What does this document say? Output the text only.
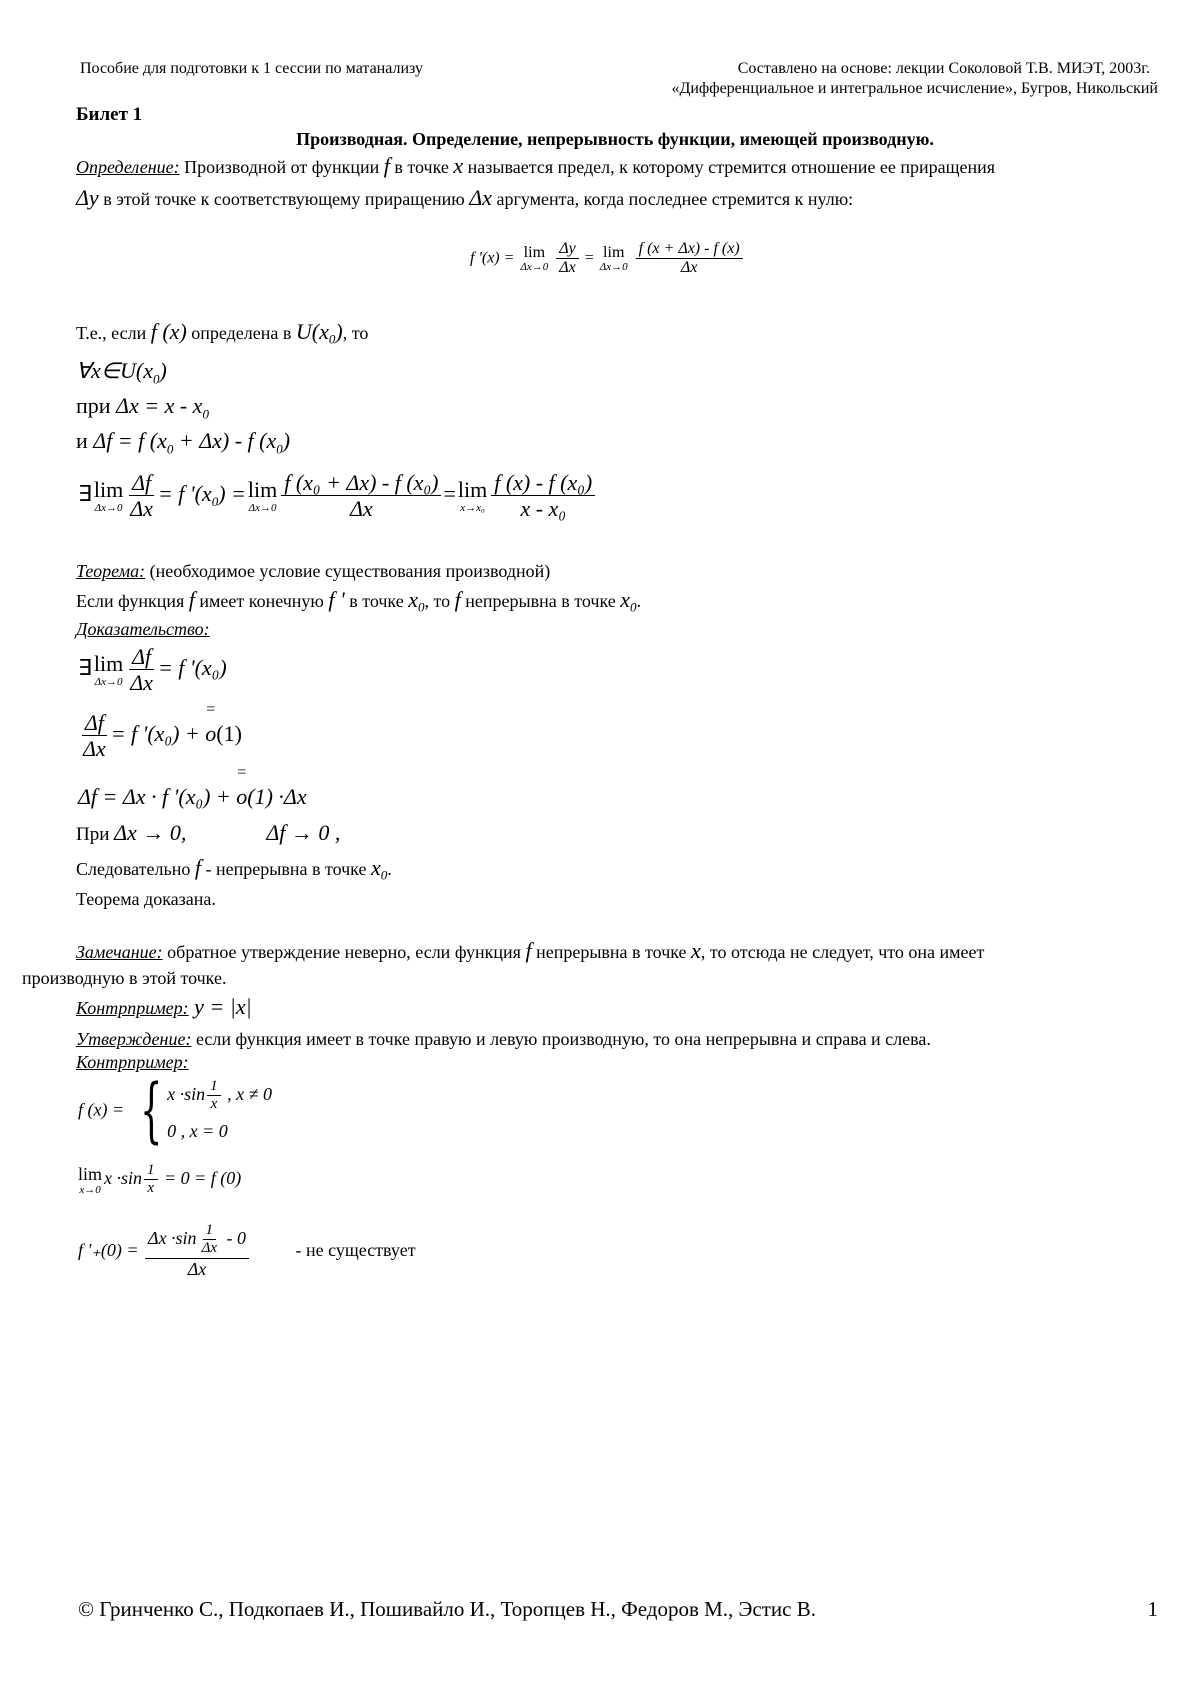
Пособие для подготовки к 1 сессии по матанализу	Составлено на основе: лекции Соколовой Т.В. МИЭТ, 2003г.
«Дифференциальное и интегральное исчисление», Бугров, Никольский
Билет 1
Производная. Определение, непрерывность функции, имеющей производную.
Определение: Производной от функции f в точке x называется предел, к которому стремится отношение ее приращения
Δy в этой точке к соответствующему приращению Δx аргумента, когда последнее стремится к нулю:
f '(x) = lim
Δx→0
$\frac{\Delta y}{\Delta x} = \lim$
Δx→0
$\frac{f (x + \Delta x) - f (x)}{\Delta x}$
Т.е., если f (x) определена в $U(x_0)$, то
$\forall x\in U(x_0)$
при $\Delta x = x - x_0$
и Δf = f $(x_0 + \Delta x) - f$ $(x_0)$
∃ lim
$\Delta x\to 0 \frac{\Delta f}{\Delta x} = f$ '$(x_0) = \lim$
$\Delta x\to 0 \frac{\text{f (x₀ + Δx) - f (x₀)}}{\Delta x} = \lim$
$x\to x_0 \frac{\text{f (x) - f (x₀)}}{\text{x - x₀}}$
Теорема: (необходимое условие существования производной)
Если функция f имеет конечную f ' в точке $x_0$, то f непрерывна в точке $x_0$.
Доказательство:
∃ lim
$\Delta x\to 0 \frac{\Delta f}{\Delta x} = f$ '(x₀)
$\frac{\Delta f}{\Delta x} = f$ '(x₀) +
=
o(1)
Δf = Δx · f '(x₀) +
=
o(1) ·Δx
При Δx → 0,	Δf → 0 ,
Следовательно f - непрерывна в точке $x_0$.
Теорема доказана.
Замечание: обратное утверждение неверно, если функция f непрерывна в точке x, то отсюда не следует, что она имеет
производную в этой точке.
Контрпример: y = |x|
Утверждение: если функция имеет в точке правую и левую производную, то она непрерывна и справа и слева.
Контрпример:
f (x) = { $x \cdot\sin \frac{1}{x}$ , x ≠ 0
0 , x = 0
lim
x→0
$x \cdot\sin \frac{1}{x} = 0 = f$ (0)
f '$_+(0) = \frac{\Delta x \cdot\sin \frac{1}{\Delta x} - 0}{\Delta x}$	- не существует
© Гринченко С., Подкопаев И., Пошивайло И., Торопцев Н., Федоров М., Эстис В.	1
